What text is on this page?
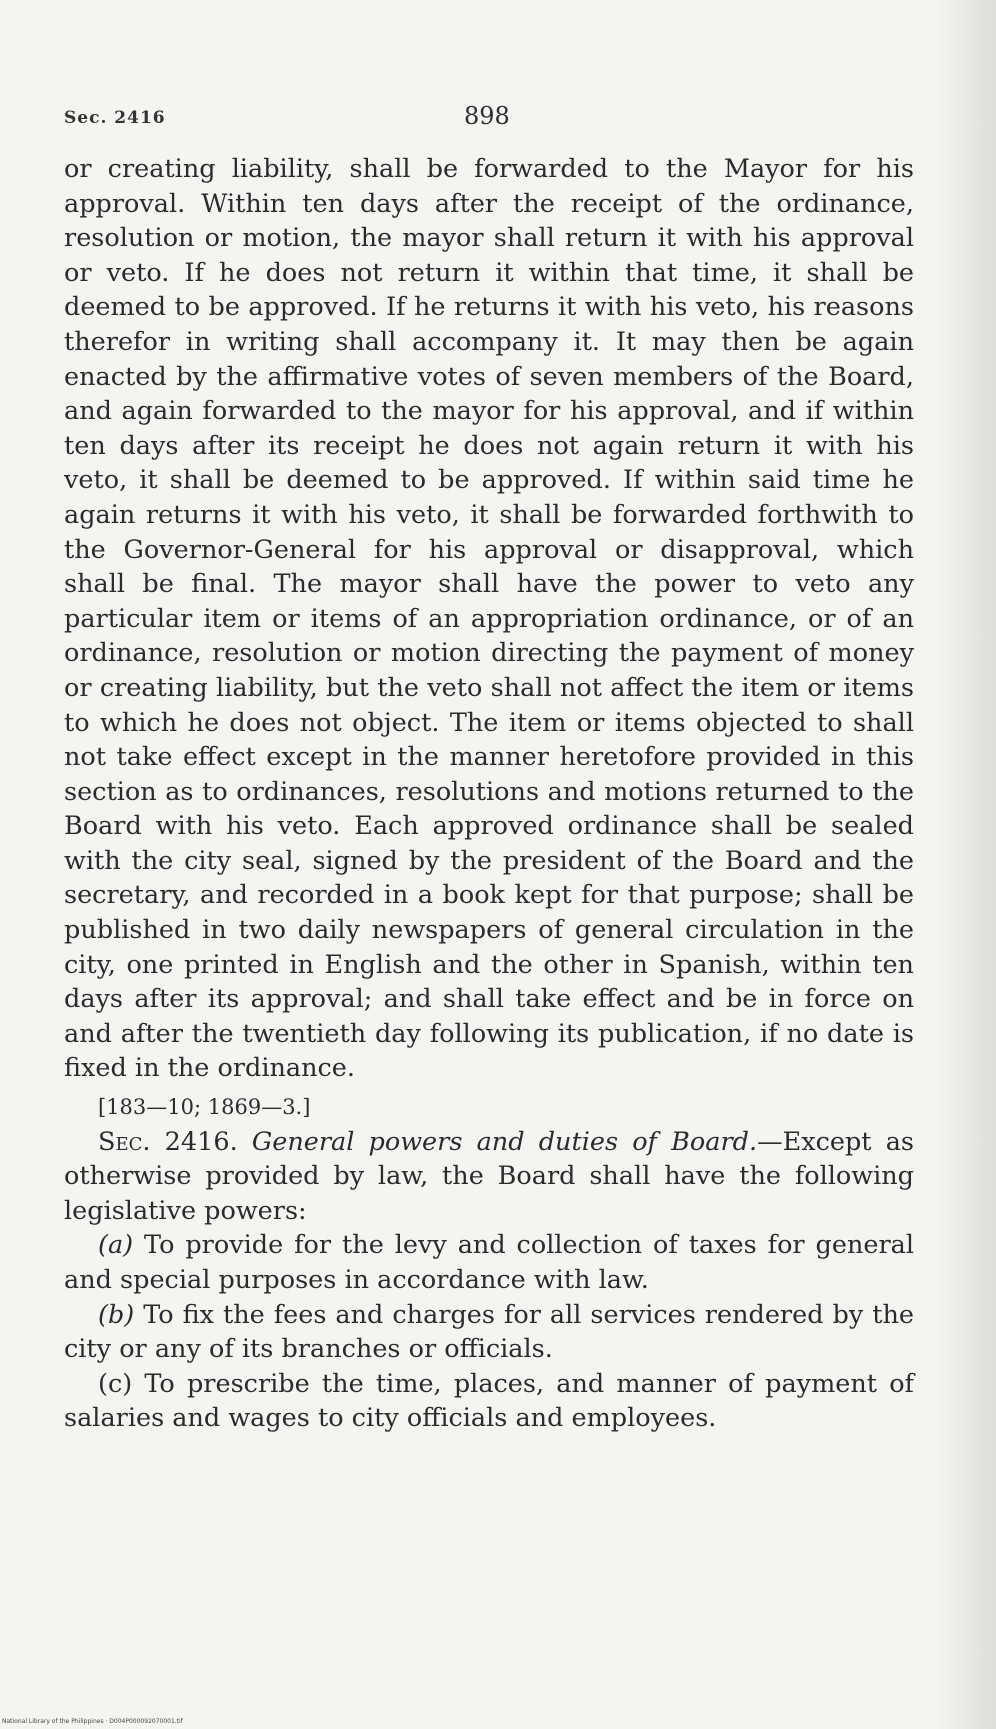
Sec. 2416	898

or creating liability, shall be forwarded to the Mayor for his approval. Within ten days after the receipt of the ordinance, resolution or motion, the mayor shall return it with his approval or veto. If he does not return it within that time, it shall be deemed to be approved. If he returns it with his veto, his reasons therefor in writing shall accompany it. It may then be again enacted by the affirmative votes of seven members of the Board, and again forwarded to the mayor for his approval, and if within ten days after its receipt he does not again return it with his veto, it shall be deemed to be approved. If within said time he again returns it with his veto, it shall be forwarded forthwith to the Governor-General for his approval or disapproval, which shall be final. The mayor shall have the power to veto any particular item or items of an appropriation ordinance, or of an ordinance, resolution or motion directing the payment of money or creating liability, but the veto shall not affect the item or items to which he does not object. The item or items objected to shall not take effect except in the manner heretofore provided in this section as to ordinances, resolutions and motions returned to the Board with his veto. Each approved ordinance shall be sealed with the city seal, signed by the president of the Board and the secretary, and recorded in a book kept for that purpose; shall be published in two daily newspapers of general circulation in the city, one printed in English and the other in Spanish, within ten days after its approval; and shall take effect and be in force on and after the twentieth day following its publication, if no date is fixed in the ordinance.

[183—10; 1869—3.]

Sec. 2416. General powers and duties of Board.—Except as otherwise provided by law, the Board shall have the following legislative powers:

(a) To provide for the levy and collection of taxes for general and special purposes in accordance with law.

(b) To fix the fees and charges for all services rendered by the city or any of its branches or officials.

(c) To prescribe the time, places, and manner of payment of salaries and wages to city officials and employees.

National Library of the Philippines · D004P000092070001.tif
